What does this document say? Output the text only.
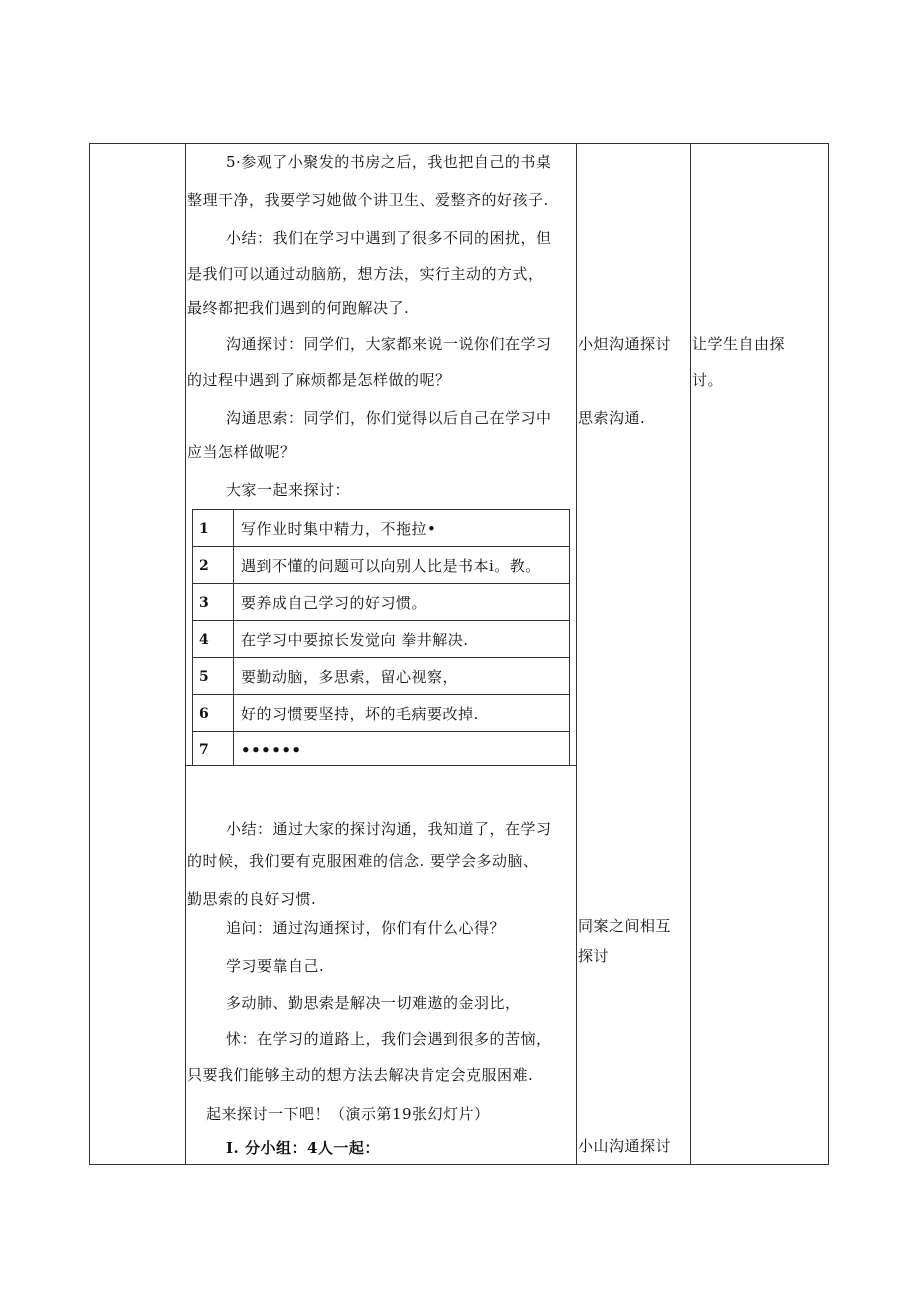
5·参观了小聚发的书房之后，我也把自己的书桌
整理干净，我要学习她做个讲卫生、爱整齐的好孩子.
小结：我们在学习中遇到了很多不同的困扰，但
是我们可以通过动脑筋，想方法，实行主动的方式，
最终都把我们遇到的何跑解决了.
沟通探讨：同学们，大家都来说一说你们在学习
的过程中遇到了麻烦都是怎样做的呢？
沟通思索：同学们，你们觉得以后自己在学习中
应当怎样做呢？
大家一起来探讨：
1 写作业时集中精力，不拖拉•
2 遇到不懂的问题可以向别人比是书本i。教。
3 要养成自己学习的好习惯。
4 在学习中要掠长发觉向 拳井解决.
5 要勤动脑，多思索，留心视察，
6 好的习惯要坚持，坏的毛病要改掉.
7 ••••••
小结：通过大家的探讨沟通，我知道了，在学习
的时候，我们要有克服困难的信念. 要学会多动脑、
勤思索的良好习惯.
追问：通过沟通探讨，你们有什么心得？
学习要靠自己.
多动肺、勤思索是解决一切难遨的金羽比，
怵：在学习的道路上，我们会遇到很多的苦恼，
只要我们能够主动的想方法去解决肯定会克服困难.
起来探讨一下吧！（演示第19张幻灯片）
I. 分小组：4人一起：
小炟沟通探讨
思索沟通.
同案之间相互
探讨
小山沟通探讨
让学生自由探
讨。
